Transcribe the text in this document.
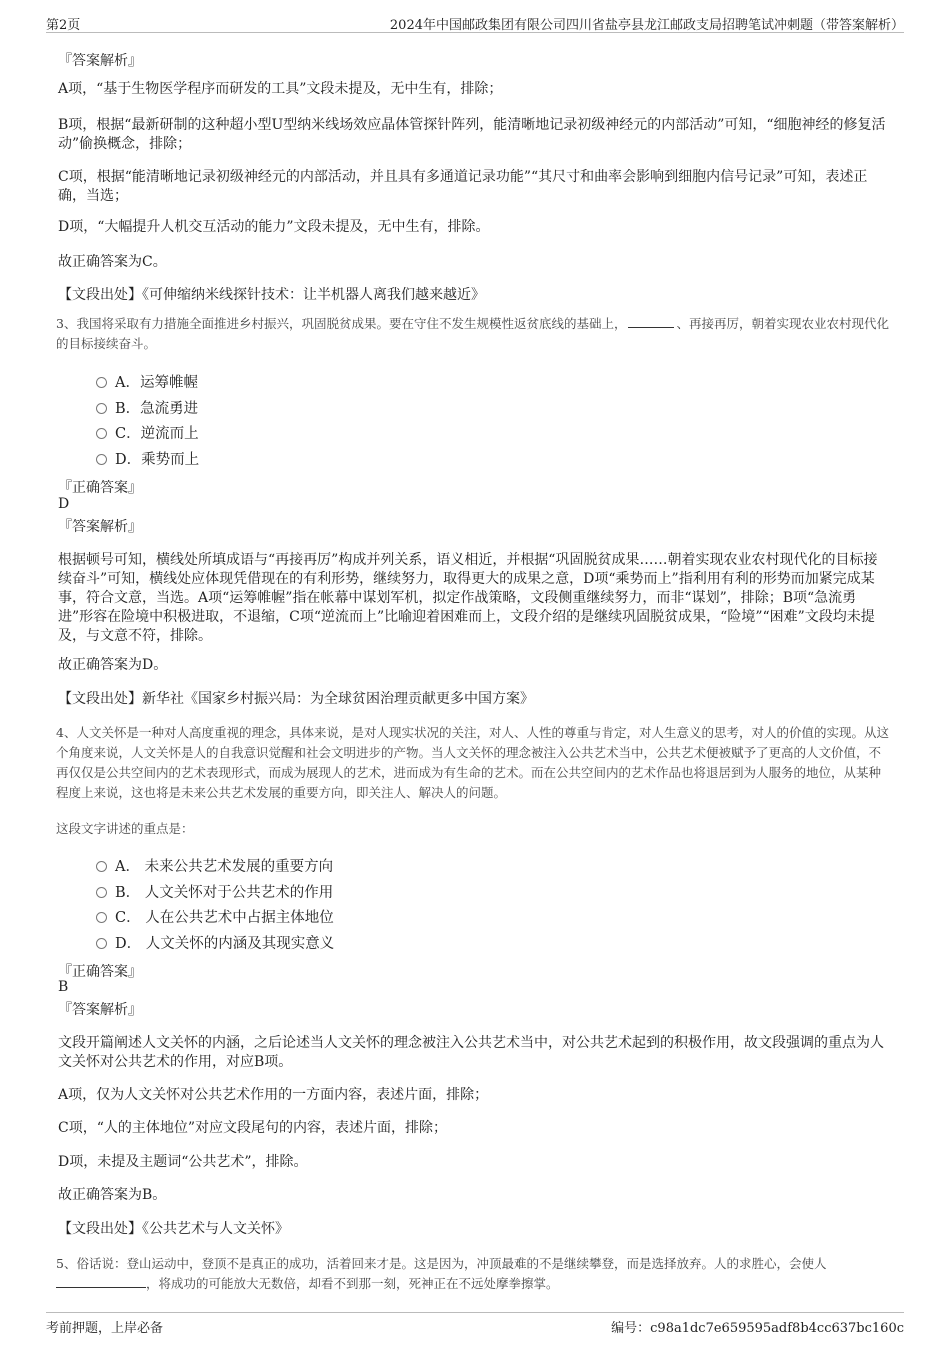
第2页	2024年中国邮政集团有限公司四川省盐亭县龙江邮政支局招聘笔试冲刺题（带答案解析）
『答案解析』
A项，“基于生物医学程序而研发的工具”文段未提及，无中生有，排除；
B项，根据“最新研制的这种超小型U型纳米线场效应晶体管探针阵列，能清晰地记录初级神经元的内部活动”可知，“细胞神经的修复活动”偷换概念，排除；
C项，根据“能清晰地记录初级神经元的内部活动，并且具有多通道记录功能”“其尺寸和曲率会影响到细胞内信号记录”可知，表述正确，当选；
D项，“大幅提升人机交互活动的能力”文段未提及，无中生有，排除。
故正确答案为C。
【文段出处】《可伸缩纳米线探针技术：让半机器人离我们越来越近》
3、我国将采取有力措施全面推进乡村振兴，巩固脱贫成果。要在守住不发生规模性返贫底线的基础上，	、再接再厉，朝着实现农业农村现代化的目标接续奋斗。
A．运筹帷幄
B．急流勇进
C．逆流而上
D．乘势而上
『正确答案』
D
『答案解析』
根据顿号可知，横线处所填成语与“再接再厉”构成并列关系，语义相近，并根据“巩固脱贫成果……朝着实现农业农村现代化的目标接续奋斗”可知，横线处应体现凭借现在的有利形势，继续努力，取得更大的成果之意，D项“乘势而上”指利用有利的形势而加紧完成某事，符合文意，当选。A项“运筹帷幄”指在帐幕中谋划军机，拟定作战策略，文段侧重继续努力，而非“谋划”，排除；B项“急流勇进”形容在险境中积极进取，不退缩，C项“逆流而上”比喻迎着困难而上，文段介绍的是继续巩固脱贫成果，“险境”“困难”文段均未提及，与文意不符，排除。
故正确答案为D。
【文段出处】新华社《国家乡村振兴局：为全球贫困治理贡献更多中国方案》
4、人文关怀是一种对人高度重视的理念，具体来说，是对人现实状况的关注，对人、人性的尊重与肯定，对人生意义的思考，对人的价值的实现。从这个角度来说，人文关怀是人的自我意识觉醒和社会文明进步的产物。当人文关怀的理念被注入公共艺术当中，公共艺术便被赋予了更高的人文价值，不再仅仅是公共空间内的艺术表现形式，而成为展现人的艺术，进而成为有生命的艺术。而在公共空间内的艺术作品也将退居到为人服务的地位，从某种程度上来说，这也将是未来公共艺术发展的重要方向，即关注人、解决人的问题。
这段文字讲述的重点是：
A． 未来公共艺术发展的重要方向
B． 人文关怀对于公共艺术的作用
C． 人在公共艺术中占据主体地位
D． 人文关怀的内涵及其现实意义
『正确答案』
B
『答案解析』
文段开篇阐述人文关怀的内涵，之后论述当人文关怀的理念被注入公共艺术当中，对公共艺术起到的积极作用，故文段强调的重点为人文关怀对公共艺术的作用，对应B项。
A项，仅为人文关怀对公共艺术作用的一方面内容，表述片面，排除；
C项，“人的主体地位”对应文段尾句的内容，表述片面，排除；
D项，未提及主题词“公共艺术”，排除。
故正确答案为B。
【文段出处】《公共艺术与人文关怀》
5、俗话说：登山运动中，登顶不是真正的成功，活着回来才是。这是因为，冲顶最难的不是继续攀登，而是选择放弃。人的求胜心，会使人
，将成功的可能放大无数倍，却看不到那一刻，死神正在不远处摩拳擦掌。
考前押题，上岸必备	编号：c98a1dc7e659595adf8b4cc637bc160c
